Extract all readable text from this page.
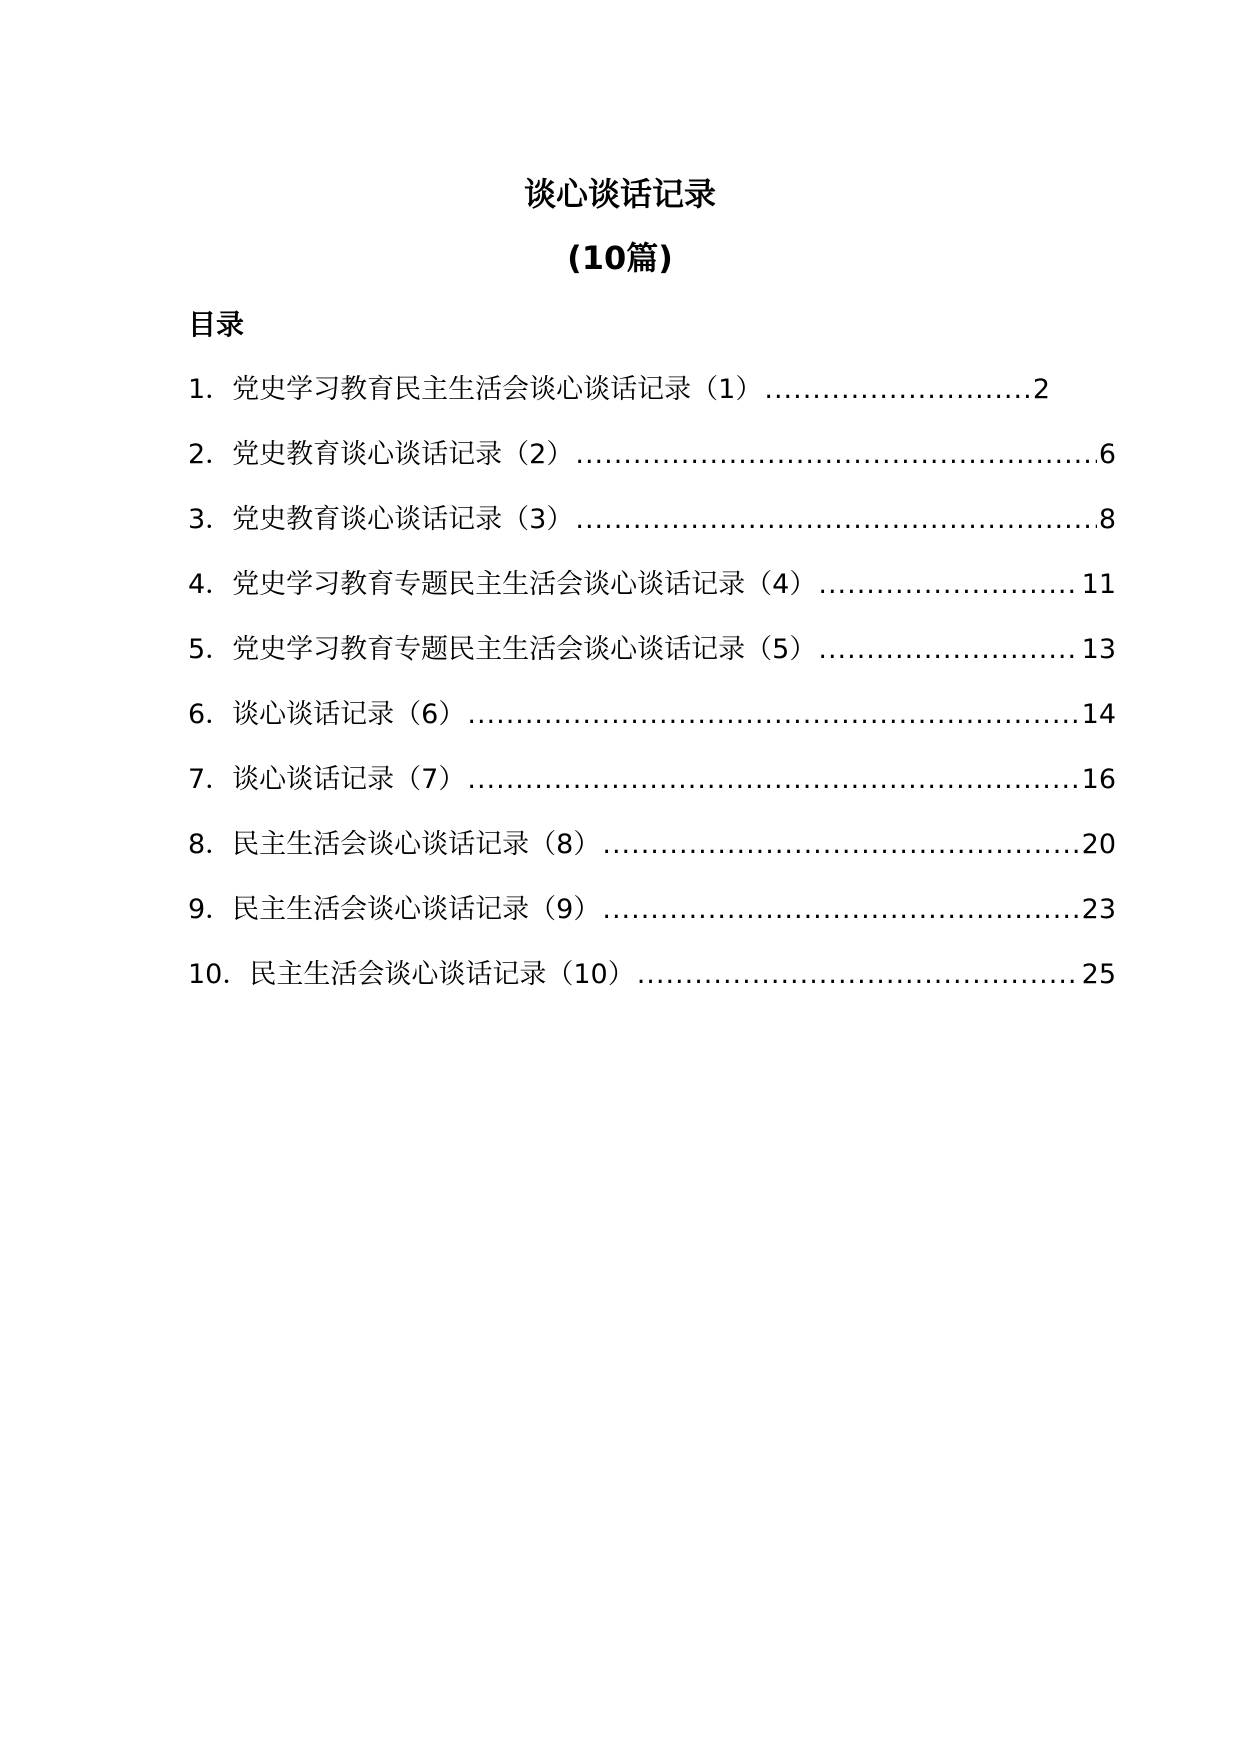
谈心谈话记录
(10篇)
目录
1．党史学习教育民主生活会谈心谈话记录（1） .....	2
2．党史教育谈心谈话记录（2） .....	6
3．党史教育谈心谈话记录（3） .....	8
4．党史学习教育专题民主生活会谈心谈话记录（4） .....	11
5．党史学习教育专题民主生活会谈心谈话记录（5） .....	13
6．谈心谈话记录（6） .....	14
7．谈心谈话记录（7） .....	16
8．民主生活会谈心谈话记录（8） .....	20
9．民主生活会谈心谈话记录（9） .....	23
10．民主生活会谈心谈话记录（10） .....	25
